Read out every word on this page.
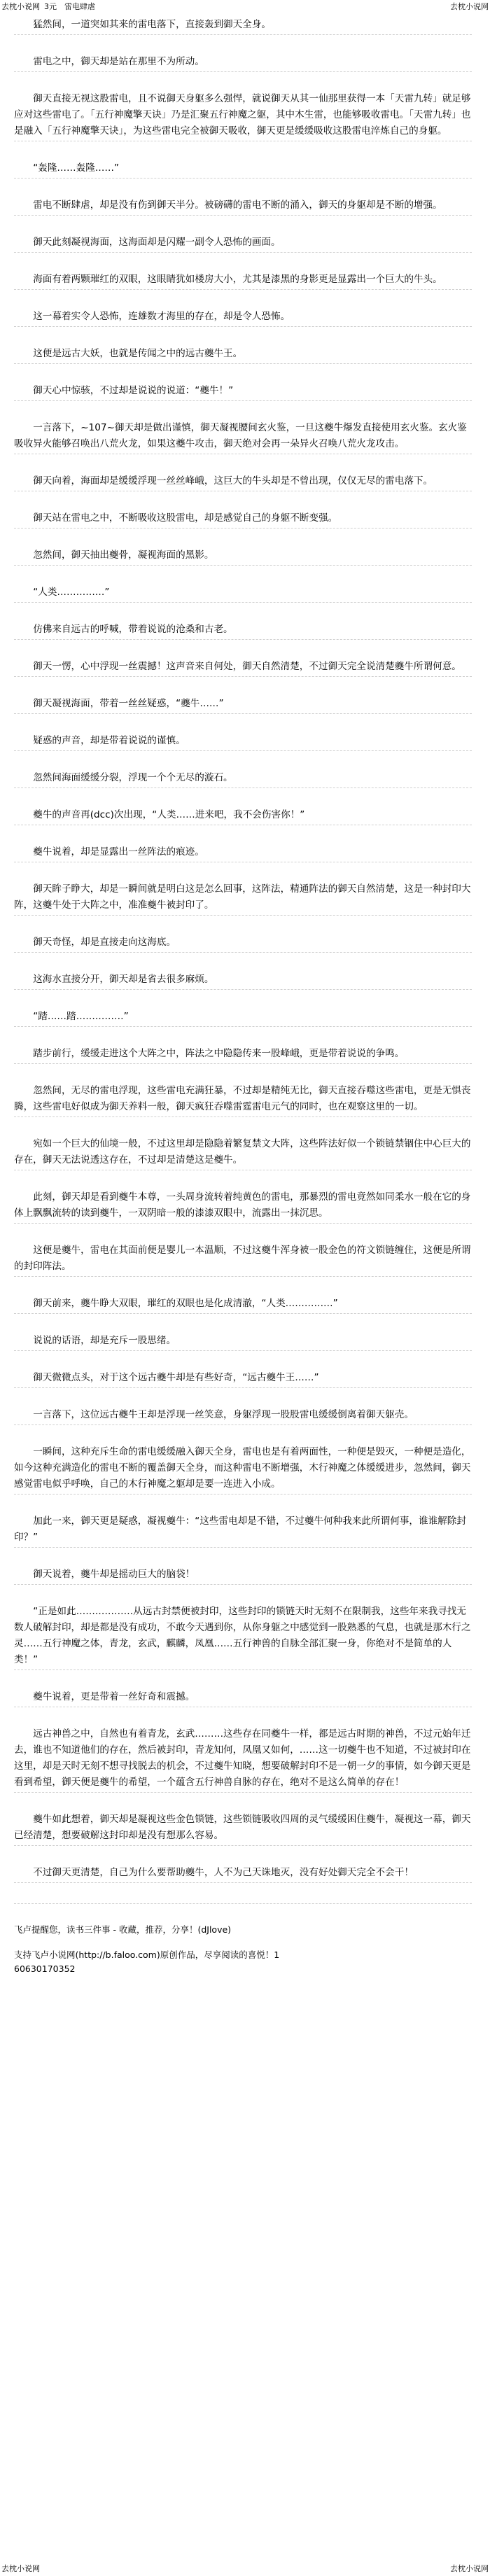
去枕小说网 3元　 雷电肆虐	去枕小说网

猛然间，一道突如其来的雷电落下，直接轰到御天全身。

雷电之中，御天却是站在那里不为所动。

御天直接无视这股雷电，且不说御天身躯多么强悍，就说御天从其一仙那里获得一本「天雷九转」就足够应对这些雷电了。「五行神魔擎天诀」乃是汇聚五行神魔之躯，其中木生雷，也能够吸收雷电。「天雷九转」也是融入「五行神魔擎天诀」，为这些雷电完全被御天吸收，御天更是缓缓吸收这股雷电淬炼自己的身躯。

“轰隆……轰隆……”

雷电不断肆虐，却是没有伤到御天半分。被磅礴的雷电不断的涌入，御天的身躯却是不断的增强。

御天此刻凝视海面，这海面却是闪耀一副令人恐怖的画面。

海面有着两颗璀红的双眼，这眼睛犹如楼房大小，尤其是漆黑的身影更是显露出一个巨大的牛头。

这一幕着实令人恐怖，连雄数才海里的存在，却是令人恐怖。

这便是远古大妖，也就是传闻之中的远古夔牛王。

御天心中惊骇，不过却是说说的说道：“夔牛！”

一言落下，~107~御天却是做出谨慎，御天凝视腰间玄火鉴，一旦这夔牛爆发直接使用玄火鉴。玄火鉴吸收异火能够召唤出八荒火龙，如果这夔牛攻击，御天绝对会再一朵异火召唤八荒火龙攻击。

御天向着，海面却是缓缓浮现一丝丝峰峨，这巨大的牛头却是不曾出现，仅仅无尽的雷电落下。

御天站在雷电之中，不断吸收这股雷电，却是感觉自己的身躯不断变强。

忽然间，御天抽出夔骨，凝视海面的黑影。

“人类……………”

仿佛来自远古的呼喊，带着说说的沧桑和古老。

御天一愣，心中浮现一丝震撼！这声音来自何处，御天自然清楚，不过御天完全说清楚夔牛所谓何意。

御天凝视海面，带着一丝丝疑惑，“夔牛……”

疑惑的声音，却是带着说说的谨慎。

忽然间海面缓缓分裂，浮现一个个无尽的漩石。

夔牛的声音再(dcc)次出现，“人类……进来吧，我不会伤害你！”

夔牛说着，却是显露出一丝阵法的痕迹。

御天眸子睁大，却是一瞬间就是明白这是怎么回事，这阵法，精通阵法的御天自然清楚，这是一种封印大阵，这夔牛处于大阵之中，准准夔牛被封印了。

御天奇怪，却是直接走向这海底。

这海水直接分开，御天却是省去很多麻烦。

“踏……踏……………”

踏步前行，缓缓走进这个大阵之中，阵法之中隐隐传来一股峰峨，更是带着说说的争鸣。

忽然间，无尽的雷电浮现，这些雷电充满狂暴，不过却是精纯无比，御天直接吞噬这些雷电，更是无惧丧腾，这些雷电好似成为御天养料一般，御天疯狂吞噬雷霆雷电元气的同时，也在观察这里的一切。

宛如一个巨大的仙境一般，不过这里却是隐隐着繁复禁文大阵，这些阵法好似一个锁链禁锢住中心巨大的存在，御天无法说透这存在，不过却是清楚这是夔牛。

此刻，御天却是看到夔牛本尊，一头周身流转着纯黄色的雷电，那暴烈的雷电竟然如同柔水一般在它的身体上飘飘流转的读到夔牛，一双阴暗一般的漆漆双眼中，流露出一抹沉思。

这便是夔牛，雷电在其面前便是婴儿一本温顺，不过这夔牛浑身被一股金色的符文锁链缠住，这便是所谓的封印阵法。

御天前来，夔牛睁大双眼，璀红的双眼也是化成清澈，“人类……………”

说说的话语，却是充斥一股思绪。

御天微微点头，对于这个远古夔牛却是有些好奇，“远古夔牛王……”

一言落下，这位远古夔牛王却是浮现一丝笑意，身躯浮现一股股雷电缓缓倒离着御天躯壳。

一瞬间，这种充斥生命的雷电缓缓融入御天全身，雷电也是有着两面性，一种便是毁灭，一种便是造化，如今这种充满造化的雷电不断的覆盖御天全身，而这种雷电不断增强，木行神魔之体缓缓进步，忽然间，御天感觉雷电似乎呼唤，自己的木行神魔之躯却是要一连进入小成。

加此一来，御天更是疑惑，凝视夔牛：“这些雷电却是不错，不过夔牛何种我来此所谓何事，谁谁解除封印？”

御天说着，夔牛却是摇动巨大的脑袋！

“正是如此………………从远古封禁便被封印，这些封印的锁链天时无刻不在限制我，这些年来我寻找无数人破解封印，却是都是没有成功，不敢今天遇到你，从你身躯之中感觉到一股熟悉的气息，也就是那木行之灵……五行神魔之体，青龙，玄武，麒麟，凤凰……五行神兽的自脉全部汇聚一身，你绝对不是简单的人类！”

夔牛说着，更是带着一丝好奇和震撼。

远古神兽之中，自然也有着青龙，玄武………这些存在同夔牛一样，都是远古时期的神兽，不过元始年迁去，谁也不知道他们的存在，然后被封印，青龙知何，凤凰又如何，……这一切夔牛也不知道，不过被封印在这里，却是天时无刻不想寻找脱去的机会，不过夔牛知晓，想要破解封印不是一朝一夕的事情，如今御天更是看到希望，御天便是夔牛的希望，一个蕴含五行神兽自脉的存在，绝对不是这么简单的存在！

夔牛如此想着，御天却是凝视这些金色锁链，这些锁链吸收四周的灵气缓缓困住夔牛，凝视这一幕，御天已经清楚，想要破解这封印却是没有想那么容易。

不过御天更清楚，自己为什么要帮助夔牛，人不为己天诛地灭，没有好处御天完全不会干！

飞卢提醒您，读书三件事 - 收藏，推荐，分享！(dJlove)

支持飞卢小说网(http://b.faloo.com)原创作品，尽享阅读的喜悦！1

60630170352

去枕小说网	去枕小说网
